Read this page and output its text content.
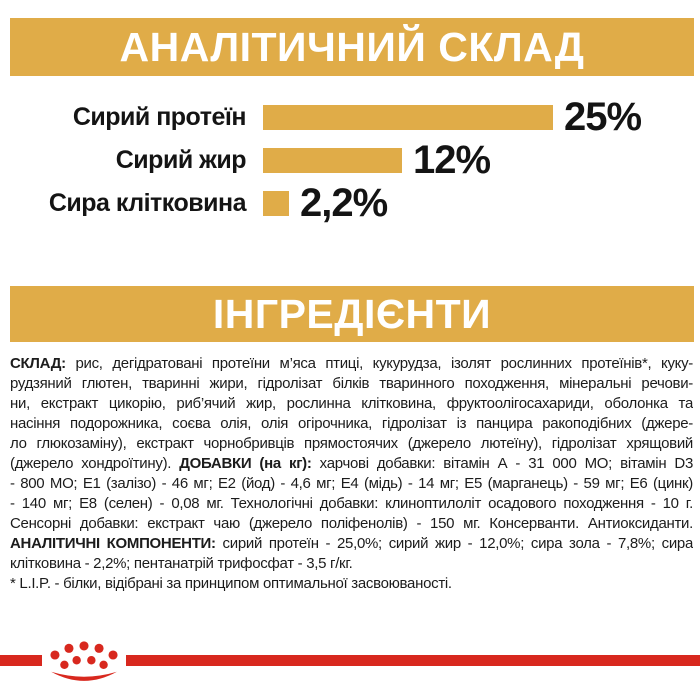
АНАЛІТИЧНИЙ СКЛАД
Сирий протеїн	25%
Сирий жир	12%
Сира клітковина 2,2%
ІНГРЕДІЄНТИ
СКЛАД: рис, дегідратовані протеїни м’яса птиці, кукурудза, ізолят рослинних протеїнів*, куку-
рудзяний глютен, тваринні жири, гідролізат білків тваринного походження, мінеральні речови-
ни, екстракт цикорію, риб’ячий жир, рослинна клітковина, фруктоолігосахариди, оболонка та
насіння подорожника, соєва олія, олія огірочника, гідролізат із панцира ракоподібних (джере-
ло глюкозаміну), екстракт чорнобривців прямостоячих (джерело лютеїну), гідролізат хрящовий
(джерело хондроїтину). ДОБАВКИ (на кг): харчові добавки: вітамін А - 31 000 МО; вітамін D3
- 800 МО; Е1 (залізо) - 46 мг; Е2 (йод) - 4,6 мг; Е4 (мідь) - 14 мг; Е5 (марганець) - 59 мг; Е6 (цинк)
- 140 мг; Е8 (селен) - 0,08 мг. Технологічні добавки: клиноптилоліт осадового походження - 10 г.
Сенсорні добавки: екстракт чаю (джерело поліфенолів) - 150 мг. Консерванти. Антиоксиданти.
АНАЛІТИЧНІ КОМПОНЕНТИ: сирий протеїн - 25,0%; сирий жир - 12,0%; сира зола - 7,8%; сира
клітковина - 2,2%; пентанатрій трифосфат - 3,5 г/кг.
* L.I.P. - білки, відібрані за принципом оптимальної засвоюваності.
